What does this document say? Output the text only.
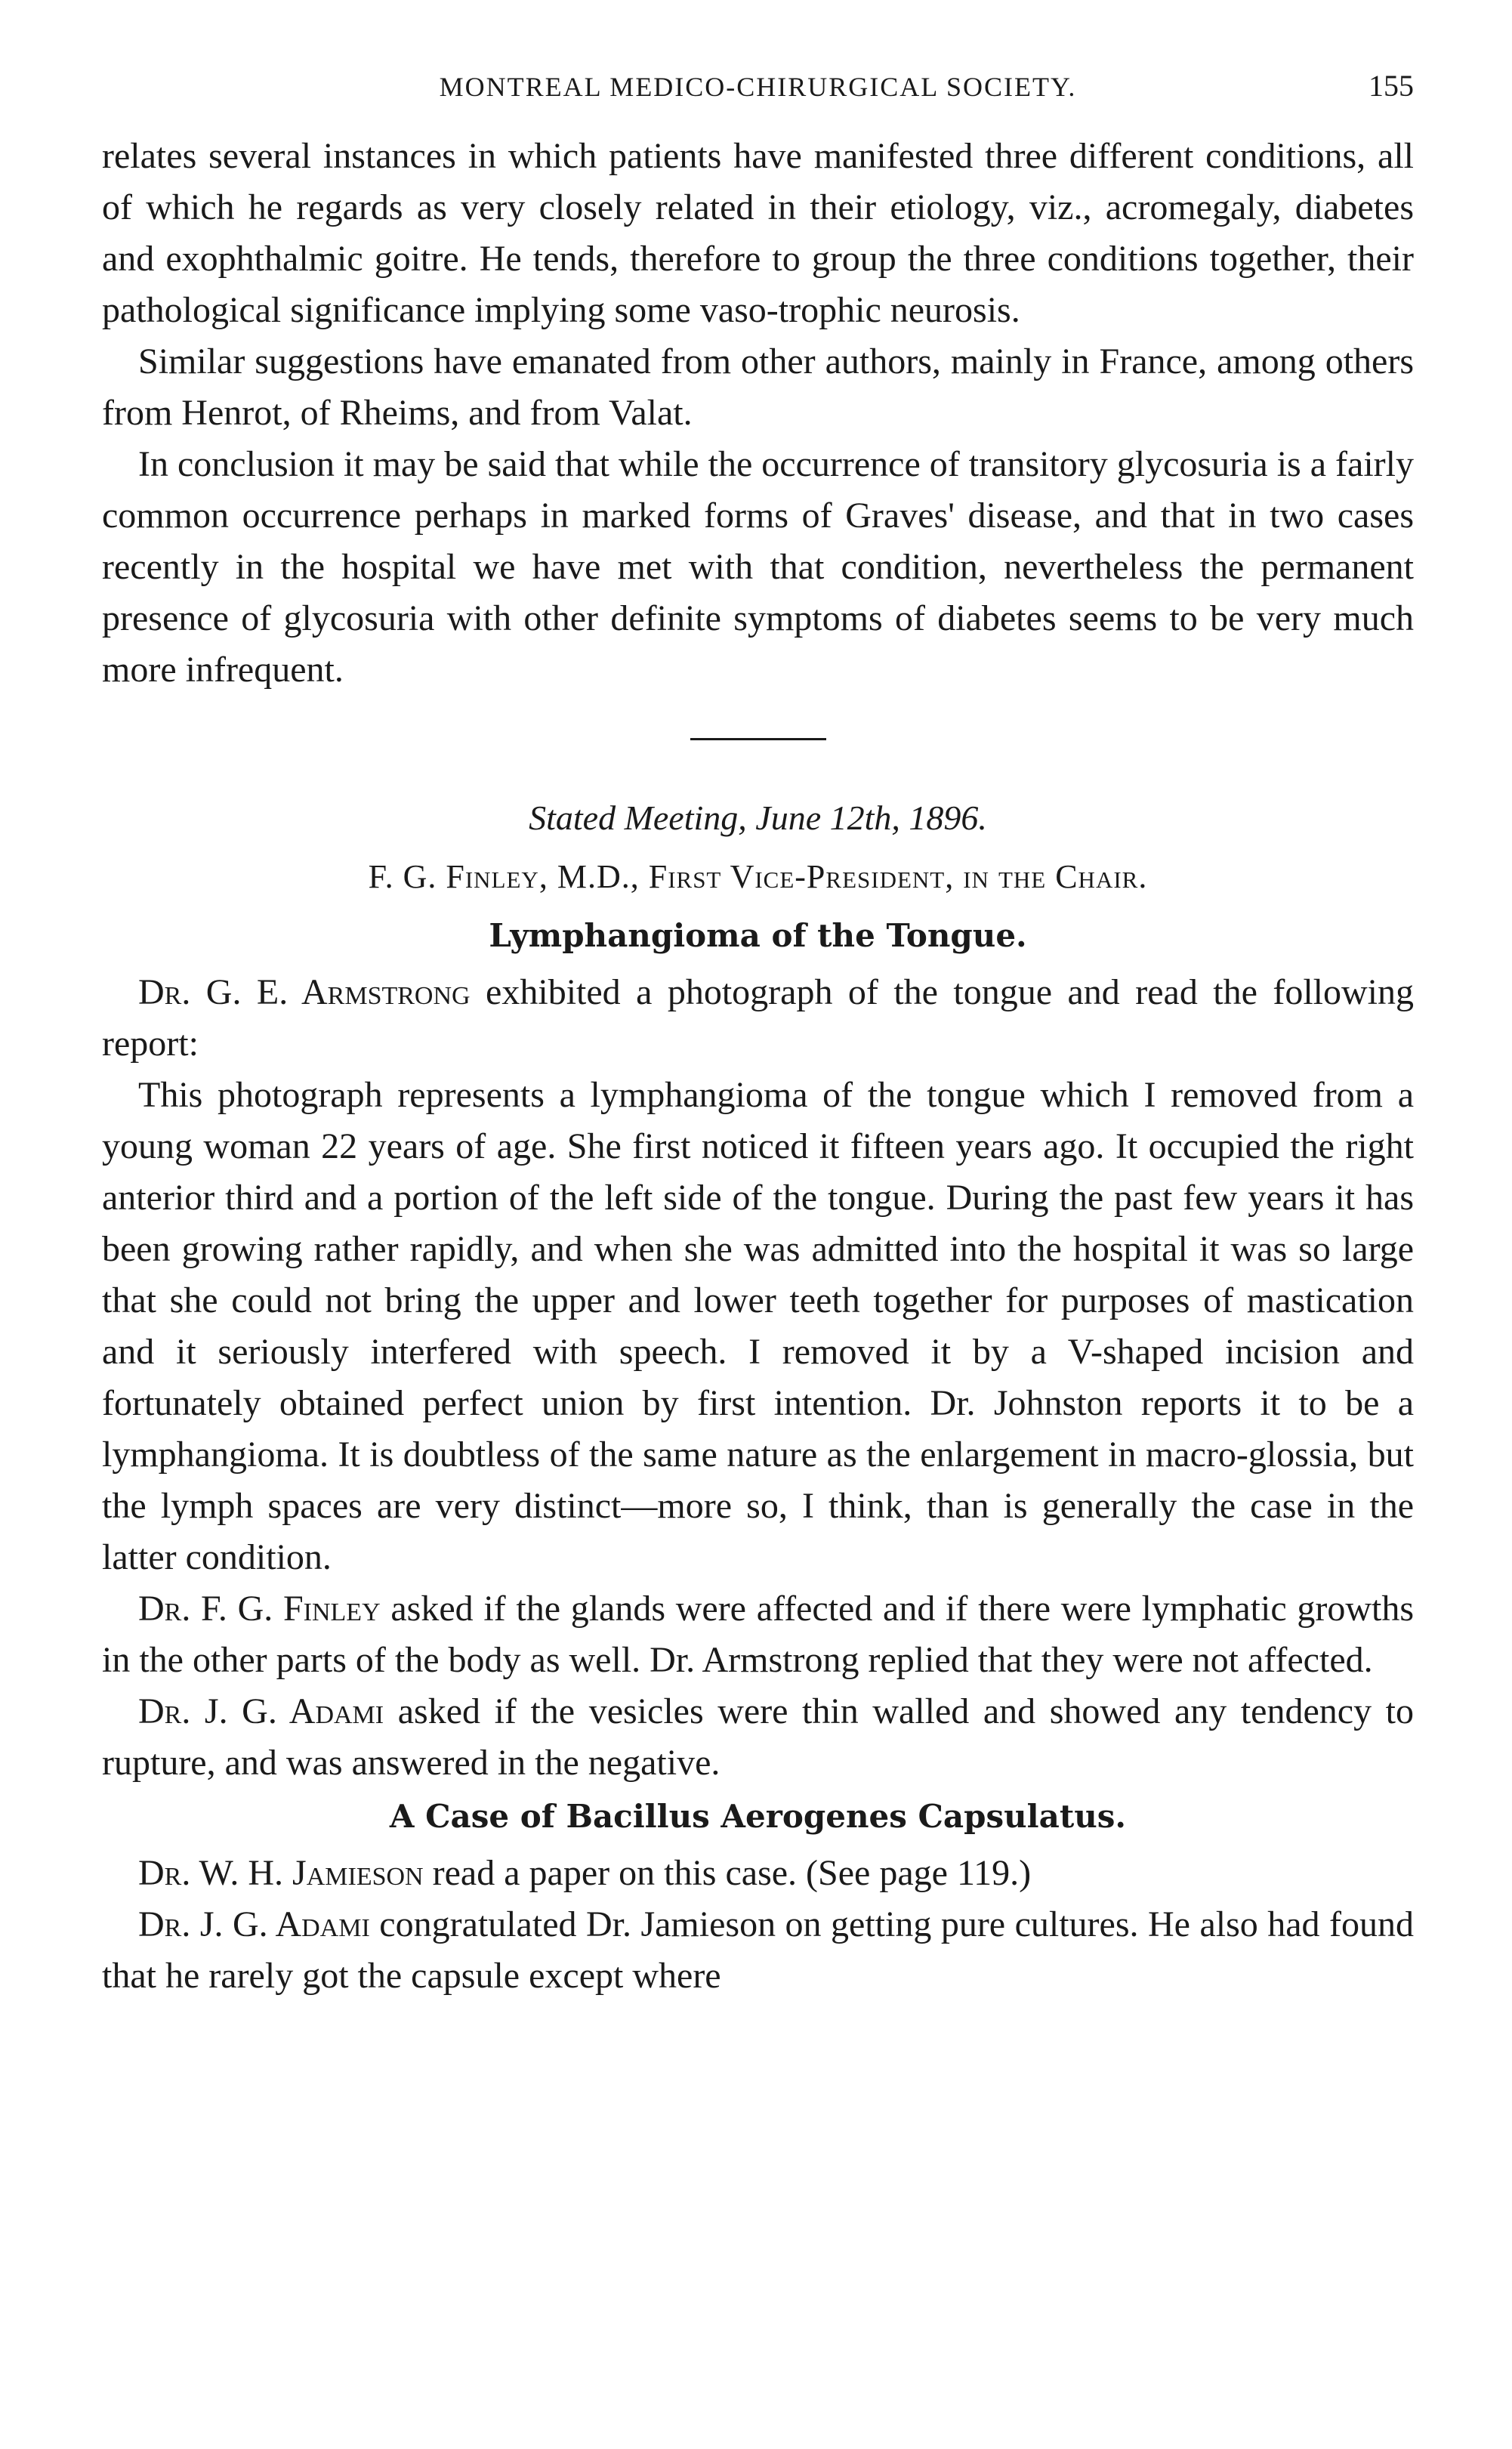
MONTREAL MEDICO-CHIRURGICAL SOCIETY.	155

relates several instances in which patients have manifested three different conditions, all of which he regards as very closely related in their etiology, viz., acromegaly, diabetes and exophthalmic goitre. He tends, therefore to group the three conditions together, their pathological significance implying some vaso-trophic neurosis.

Similar suggestions have emanated from other authors, mainly in France, among others from Henrot, of Rheims, and from Valat.

In conclusion it may be said that while the occurrence of transitory glycosuria is a fairly common occurrence perhaps in marked forms of Graves' disease, and that in two cases recently in the hospital we have met with that condition, nevertheless the permanent presence of glycosuria with other definite symptoms of diabetes seems to be very much more infrequent.

Stated Meeting, June 12th, 1896.
F. G. Finley, M.D., First Vice-President, in the Chair.
Lymphangioma of the Tongue.

Dr. G. E. Armstrong exhibited a photograph of the tongue and read the following report:

This photograph represents a lymphangioma of the tongue which I removed from a young woman 22 years of age. She first noticed it fifteen years ago. It occupied the right anterior third and a portion of the left side of the tongue. During the past few years it has been growing rather rapidly, and when she was admitted into the hospital it was so large that she could not bring the upper and lower teeth together for purposes of mastication and it seriously interfered with speech. I removed it by a V-shaped incision and fortunately obtained perfect union by first intention. Dr. Johnston reports it to be a lymphangioma. It is doubtless of the same nature as the enlargement in macro-glossia, but the lymph spaces are very distinct—more so, I think, than is generally the case in the latter condition.

Dr. F. G. Finley asked if the glands were affected and if there were lymphatic growths in the other parts of the body as well. Dr. Armstrong replied that they were not affected.

Dr. J. G. Adami asked if the vesicles were thin walled and showed any tendency to rupture, and was answered in the negative.

A Case of Bacillus Aerogenes Capsulatus.

Dr. W. H. Jamieson read a paper on this case. (See page 119.)

Dr. J. G. Adami congratulated Dr. Jamieson on getting pure cultures. He also had found that he rarely got the capsule except where
